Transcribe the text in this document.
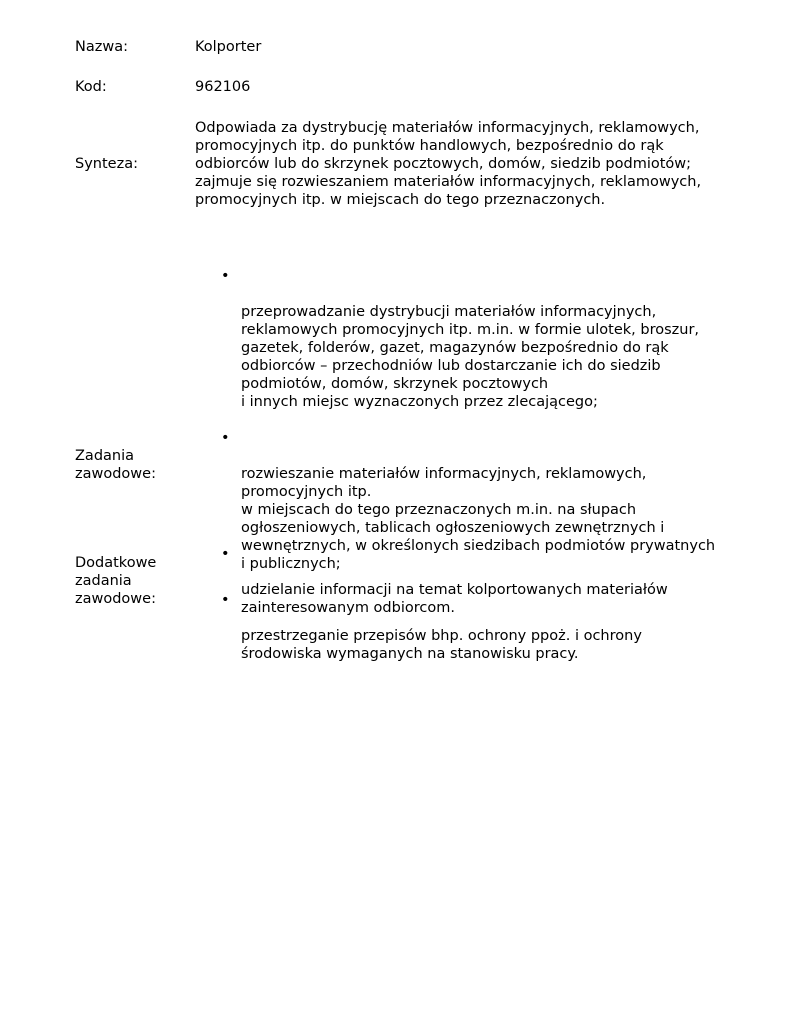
Nazwa:	Kolporter
Kod:	962106
Synteza:
Odpowiada za dystrybucję materiałów informacyjnych, reklamowych,
promocyjnych itp. do punktów handlowych, bezpośrednio do rąk
odbiorców lub do skrzynek pocztowych, domów, siedzib podmiotów;
zajmuje się rozwieszaniem materiałów informacyjnych, reklamowych,
promocyjnych itp. w miejscach do tego przeznaczonych.
Zadania
zawodowe:

•

przeprowadzanie dystrybucji materiałów informacyjnych,
reklamowych promocyjnych itp. m.in. w formie ulotek, broszur,
gazetek, folderów, gazet, magazynów bezpośrednio do rąk
odbiorców – przechodniów lub dostarczanie ich do siedzib
podmiotów, domów, skrzynek pocztowych
i innych miejsc wyznaczonych przez zlecającego;

•

rozwieszanie materiałów informacyjnych, reklamowych,
promocyjnych itp.
w miejscach do tego przeznaczonych m.in. na słupach
ogłoszeniowych, tablicach ogłoszeniowych zewnętrznych i
wewnętrznych, w określonych siedzibach podmiotów prywatnych
i publicznych;

•

przestrzeganie przepisów bhp. ochrony ppoż. i ochrony
środowiska wymaganych na stanowisku pracy.

Dodatkowe
zadania
zawodowe:

•

udzielanie informacji na temat kolportowanych materiałów
zainteresowanym odbiorcom.
